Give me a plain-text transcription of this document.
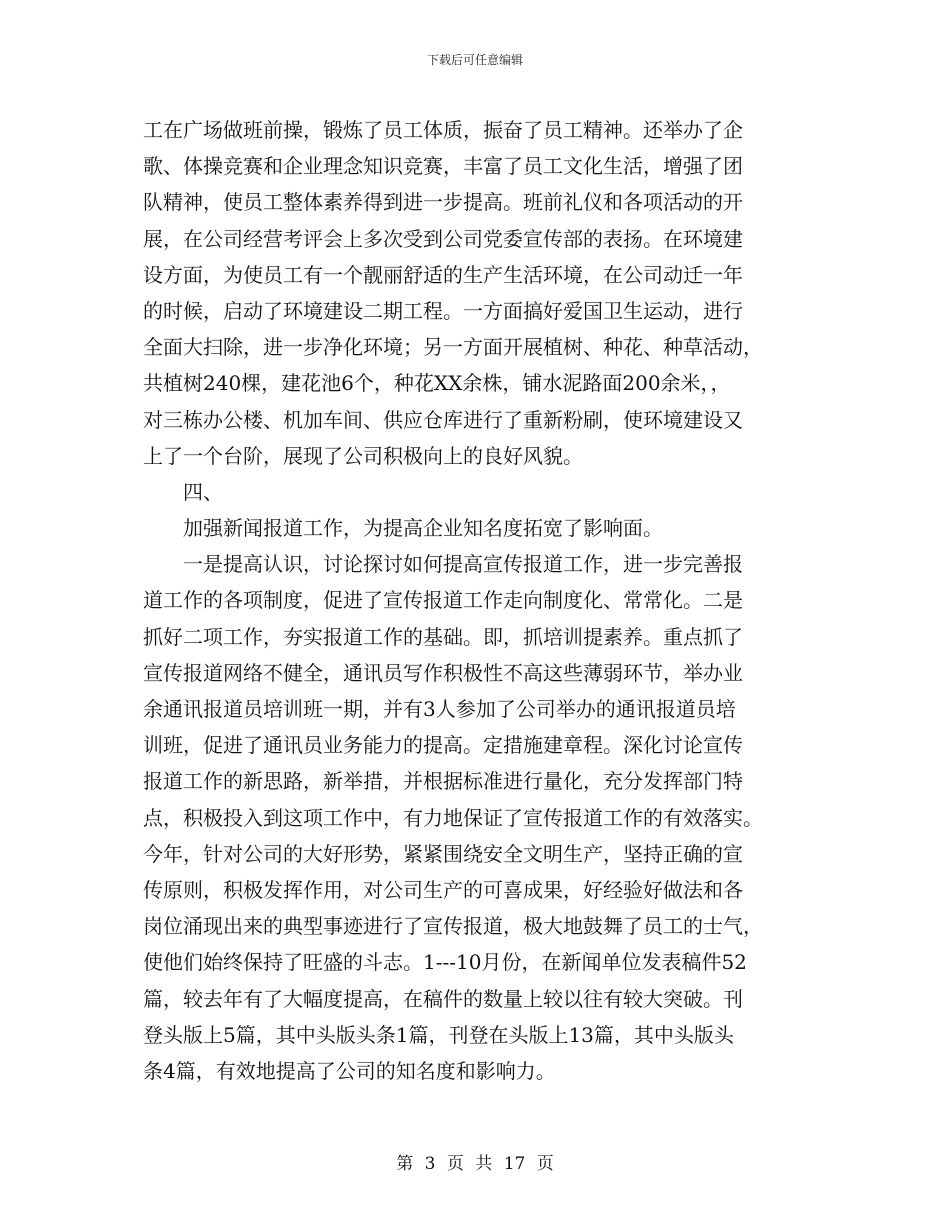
下载后可任意编辑
工在广场做班前操，锻炼了员工体质，振奋了员工精神。还举办了企
歌、体操竞赛和企业理念知识竞赛，丰富了员工文化生活，增强了团
队精神，使员工整体素养得到进一步提高。班前礼仪和各项活动的开
展，在公司经营考评会上多次受到公司党委宣传部的表扬。在环境建
设方面，为使员工有一个靓丽舒适的生产生活环境，在公司动迁一年
的时候，启动了环境建设二期工程。一方面搞好爱国卫生运动，进行
全面大扫除，进一步净化环境；另一方面开展植树、种花、种草活动，
共植树240棵，建花池6个，种花XX余株，铺水泥路面200余米，，
对三栋办公楼、机加车间、供应仓库进行了重新粉刷，使环境建设又
上了一个台阶，展现了公司积极向上的良好风貌。
四、
加强新闻报道工作，为提高企业知名度拓宽了影响面。
一是提高认识，讨论探讨如何提高宣传报道工作，进一步完善报
道工作的各项制度，促进了宣传报道工作走向制度化、常常化。二是
抓好二项工作，夯实报道工作的基础。即，抓培训提素养。重点抓了
宣传报道网络不健全，通讯员写作积极性不高这些薄弱环节，举办业
余通讯报道员培训班一期，并有3人参加了公司举办的通讯报道员培
训班，促进了通讯员业务能力的提高。定措施建章程。深化讨论宣传
报道工作的新思路，新举措，并根据标准进行量化，充分发挥部门特
点，积极投入到这项工作中，有力地保证了宣传报道工作的有效落实。
今年，针对公司的大好形势，紧紧围绕安全文明生产，坚持正确的宣
传原则，积极发挥作用，对公司生产的可喜成果，好经验好做法和各
岗位涌现出来的典型事迹进行了宣传报道，极大地鼓舞了员工的士气，
使他们始终保持了旺盛的斗志。1---10月份，在新闻单位发表稿件52
篇，较去年有了大幅度提高，在稿件的数量上较以往有较大突破。刊
登头版上5篇，其中头版头条1篇，刊登在头版上13篇，其中头版头
条4篇，有效地提高了公司的知名度和影响力。
第 3 页 共 17 页
